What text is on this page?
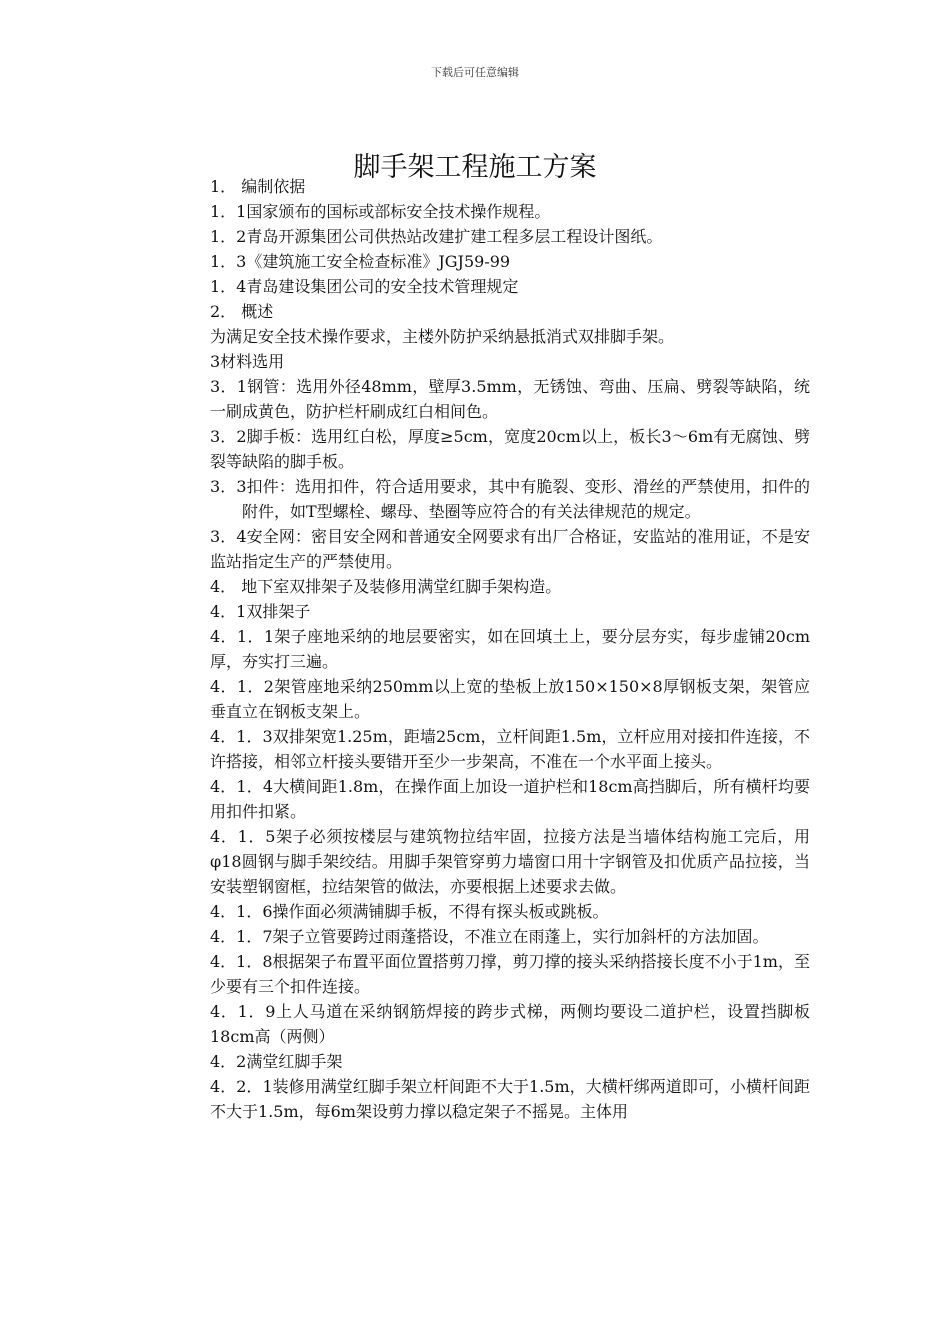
下载后可任意编辑
脚手架工程施工方案

1． 编制依据

1．1国家颁布的国标或部标安全技术操作规程。

1．2青岛开源集团公司供热站改建扩建工程多层工程设计图纸。

1．3《建筑施工安全检查标准》JGJ59-99

1．4青岛建设集团公司的安全技术管理规定

2． 概述

为满足安全技术操作要求，主楼外防护采纳悬抵消式双排脚手架。

3材料选用

3．1钢管：选用外径48mm，壁厚3.5mm，无锈蚀、弯曲、压扁、劈裂等缺陷，统一刷成黄色，防护栏杆刷成红白相间色。

3．2脚手板：选用红白松，厚度≥5cm，宽度20cm以上，板长3～6m有无腐蚀、劈裂等缺陷的脚手板。

3．3扣件：选用扣件，符合适用要求，其中有脆裂、变形、滑丝的严禁使用，扣件的附件，如T型螺栓、螺母、垫圈等应符合的有关法律规范的规定。

3．4安全网：密目安全网和普通安全网要求有出厂合格证，安监站的准用证，不是安监站指定生产的严禁使用。

4． 地下室双排架子及装修用满堂红脚手架构造。

4．1双排架子

4．1．1架子座地采纳的地层要密实，如在回填土上，要分层夯实，每步虚铺20cm厚，夯实打三遍。

4．1．2架管座地采纳250mm以上宽的垫板上放150×150×8厚钢板支架，架管应垂直立在钢板支架上。

4．1．3双排架宽1.25m，距墙25cm，立杆间距1.5m，立杆应用对接扣件连接，不许搭接，相邻立杆接头要错开至少一步架高，不准在一个水平面上接头。

4．1．4大横间距1.8m，在操作面上加设一道护栏和18cm高挡脚后，所有横杆均要用扣件扣紧。

4．1．5架子必须按楼层与建筑物拉结牢固，拉接方法是当墙体结构施工完后，用φ18圆钢与脚手架绞结。用脚手架管穿剪力墙窗口用十字钢管及扣优质产品拉接，当安装塑钢窗框，拉结架管的做法，亦要根据上述要求去做。

4．1．6操作面必须满铺脚手板，不得有探头板或跳板。

4．1．7架子立管要跨过雨蓬搭设，不准立在雨蓬上，实行加斜杆的方法加固。

4．1．8根据架子布置平面位置搭剪刀撑，剪刀撑的接头采纳搭接长度不小于1m，至少要有三个扣件连接。

4．1．9上人马道在采纳钢筋焊接的跨步式梯，两侧均要设二道护栏，设置挡脚板18cm高（两侧）

4．2满堂红脚手架

4．2．1装修用满堂红脚手架立杆间距不大于1.5m，大横杆绑两道即可，小横杆间距不大于1.5m，每6m架设剪力撑以稳定架子不摇晃。主体用
